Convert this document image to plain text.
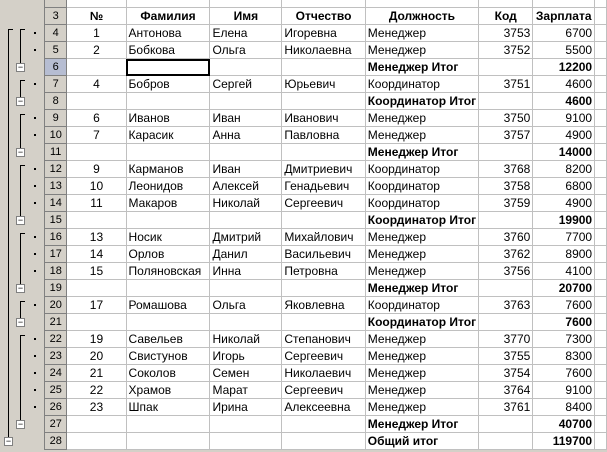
−
−
−
−
−
−
−
−

3	№	Фамилия	Имя	Отчество	Должность	Код	Зарплата	
4	1	Антонова	Елена	Игоревна	Менеджер	3753	6700	
5	2	Бобкова	Ольга	Николаевна	Менеджер	3752	5500	
6					Менеджер Итог		12200	
7	4	Бобров	Сергей	Юрьевич	Координатор	3751	4600	
8					Координатор Итог		4600	
9	6	Иванов	Иван	Иванович	Менеджер	3750	9100	
10	7	Карасик	Анна	Павловна	Менеджер	3757	4900	
11					Менеджер Итог		14000	
12	9	Карманов	Иван	Дмитриевич	Координатор	3768	8200	
13	10	Леонидов	Алексей	Генадьевич	Координатор	3758	6800	
14	11	Макаров	Николай	Сергеевич	Координатор	3759	4900	
15					Координатор Итог		19900	
16	13	Носик	Дмитрий	Михайлович	Менеджер	3760	7700	
17	14	Орлов	Данил	Васильевич	Менеджер	3762	8900	
18	15	Поляновская	Инна	Петровна	Менеджер	3756	4100	
19					Менеджер Итог		20700	
20	17	Ромашова	Ольга	Яковлевна	Координатор	3763	7600	
21					Координатор Итог		7600	
22	19	Савельев	Николай	Степанович	Менеджер	3770	7300	
23	20	Свистунов	Игорь	Сергеевич	Менеджер	3755	8300	
24	21	Соколов	Семен	Николаевич	Менеджер	3754	7600	
25	22	Храмов	Марат	Сергеевич	Менеджер	3764	9100	
26	23	Шпак	Ирина	Алексеевна	Менеджер	3761	8400	
27					Менеджер Итог		40700	
28					Общий итог		119700	
